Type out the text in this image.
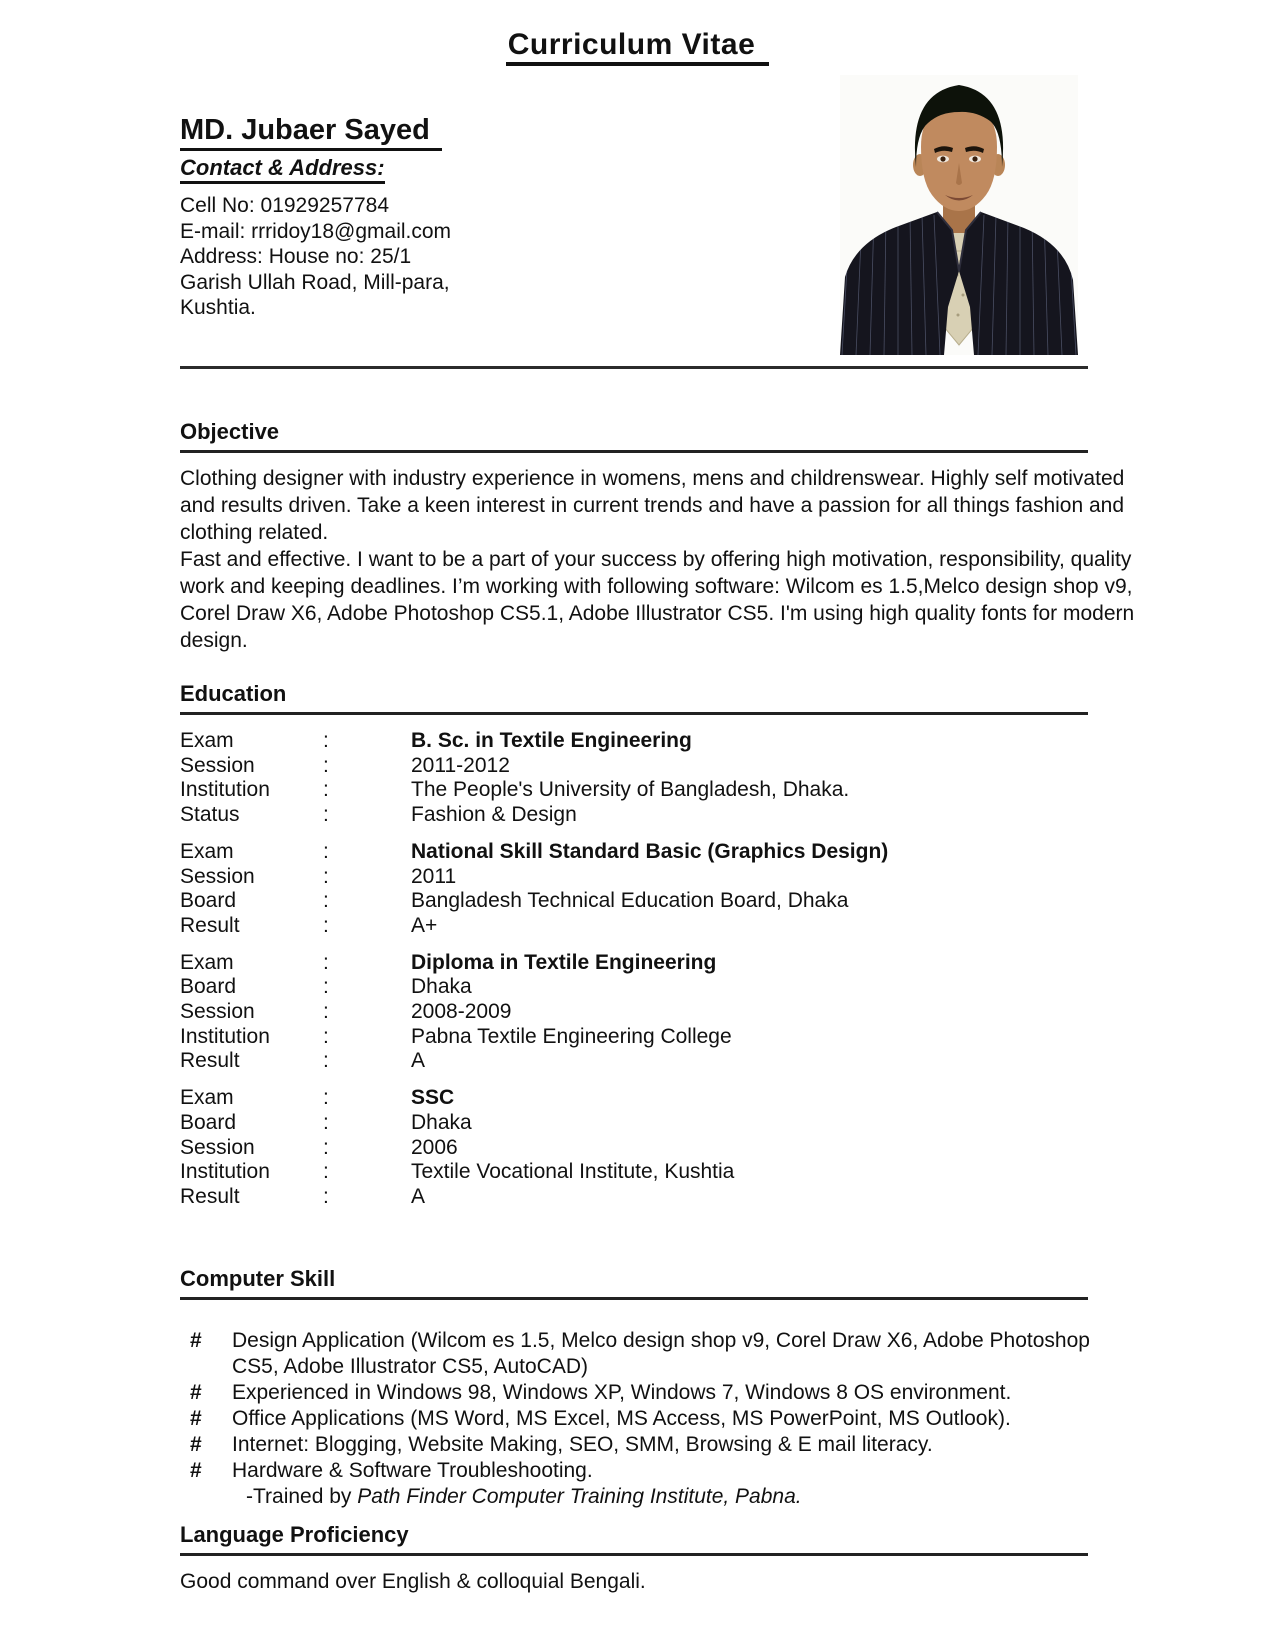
Curriculum Vitae
MD. Jubaer Sayed
Contact & Address:
Cell No: 01929257784
E-mail: rrridoy18@gmail.com
Address: House no: 25/1
Garish Ullah Road, Mill-para,
Kushtia.
Objective

Clothing designer with industry experience in womens, mens and childrenswear. Highly self motivated and results driven. Take a keen interest in current trends and have a passion for all things fashion and clothing related.

Fast and effective. I want to be a part of your success by offering high motivation, responsibility, quality work and keeping deadlines. I’m working with following software: Wilcom es 1.5,Melco design shop v9, Corel Draw X6, Adobe Photoshop CS5.1, Adobe Illustrator CS5. I'm using high quality fonts for modern design.

Education
Exam	:	B. Sc. in Textile Engineering
Session	:	2011-2012
Institution	:	The People's University of Bangladesh, Dhaka.
Status	:	Fashion & Design
Exam	:	National Skill Standard Basic (Graphics Design)
Session	:	2011
Board	:	Bangladesh Technical Education Board, Dhaka
Result	:	A+
Exam	:	Diploma in Textile Engineering
Board	:	Dhaka
Session	:	2008-2009
Institution	:	Pabna Textile Engineering College
Result	:	A
Exam	:	SSC
Board	:	Dhaka
Session	:	2006
Institution	:	Textile Vocational Institute, Kushtia
Result	:	A
Computer Skill
# Design Application (Wilcom es 1.5, Melco design shop v9, Corel Draw X6, Adobe Photoshop CS5, Adobe Illustrator CS5, AutoCAD)
# Experienced in Windows 98, Windows XP, Windows 7, Windows 8 OS environment.
# Office Applications (MS Word, MS Excel, MS Access, MS PowerPoint, MS Outlook).
# Internet: Blogging, Website Making, SEO, SMM, Browsing & E mail literacy.
# Hardware & Software Troubleshooting.
-Trained by Path Finder Computer Training Institute, Pabna.
Language Proficiency

Good command over English & colloquial Bengali.
